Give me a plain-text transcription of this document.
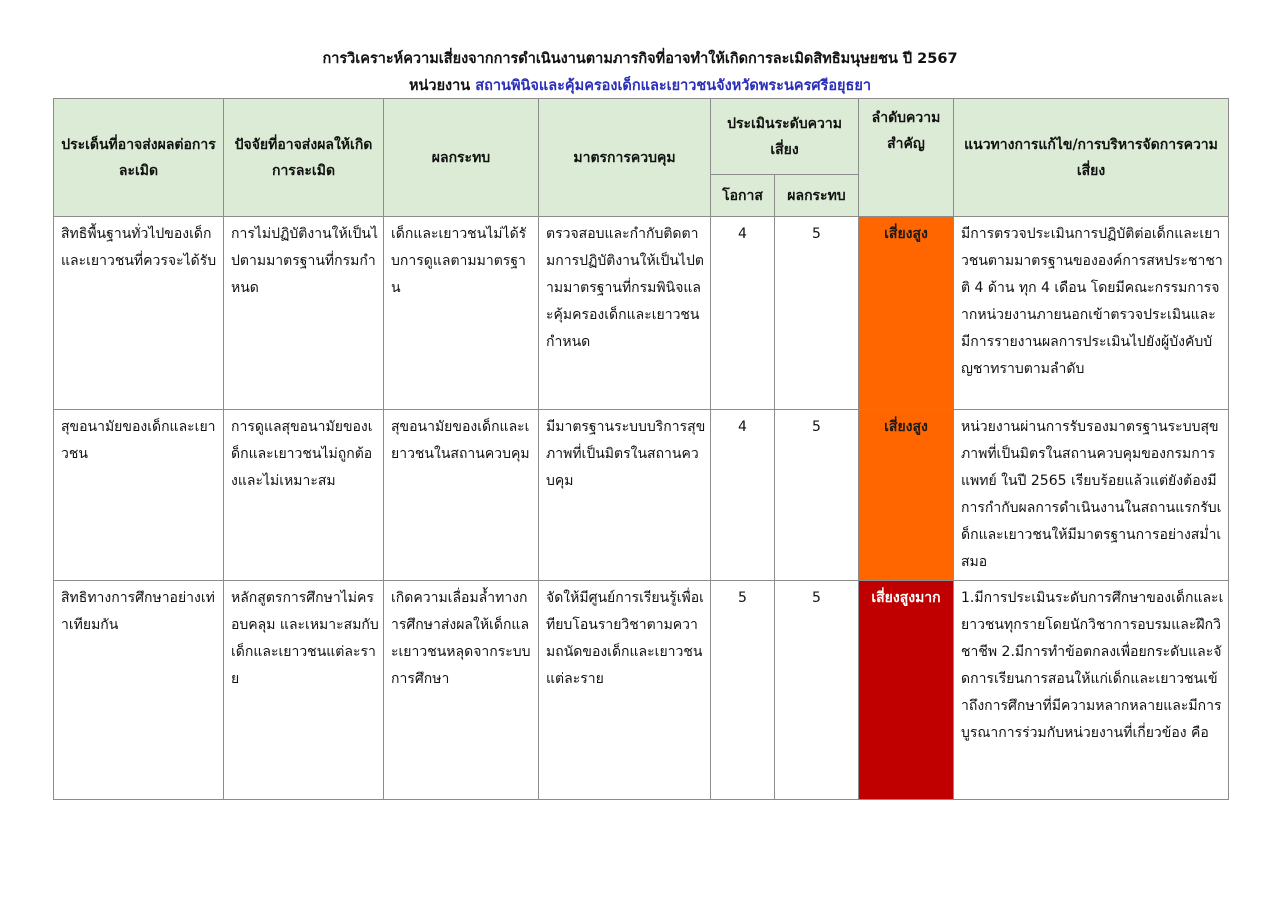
การวิเคราะห์ความเสี่ยงจากการดำเนินงานตามภารกิจที่อาจทำให้เกิดการละเมิดสิทธิมนุษยชน ปี 2567
หน่วยงาน สถานพินิจและคุ้มครองเด็กและเยาวชนจังหวัดพระนครศรีอยุธยา
ประเด็นที่อาจส่งผลต่อการละเมิด	ปัจจัยที่อาจส่งผลให้เกิดการละเมิด	ผลกระทบ	มาตรการควบคุม	ประเมินระดับความเสี่ยง		ลำดับความสำคัญ	แนวทางการแก้ไข/การบริหารจัดการความเสี่ยง

				โอกาส	ผลกระทบ		
สิทธิพื้นฐานทั่วไปของเด็กและเยาวชนที่ควรจะได้รับ	การไม่ปฏิบัติงานให้เป็นไปตามมาตรฐานที่กรมกำหนด	เด็กและเยาวชนไม่ได้รับการดูแลตามมาตรฐาน	ตรวจสอบและกำกับติดตามการปฏิบัติงานให้เป็นไปตามมาตรฐานที่กรมพินิจและคุ้มครองเด็กและเยาวชนกำหนด	4	5	เสี่ยงสูง	มีการตรวจประเมินการปฏิบัติต่อเด็กและเยาวชนตามมาตรฐานขององค์การสหประชาชาติ 4 ด้าน ทุก 4 เดือน โดยมีคณะกรรมการจากหน่วยงานภายนอกเข้าตรวจประเมินและมีการรายงานผลการประเมินไปยังผู้บังคับบัญชาทราบตามลำดับ
สุขอนามัยของเด็กและเยาวชน	การดูแลสุขอนามัยของเด็กและเยาวชนไม่ถูกต้องและไม่เหมาะสม	สุขอนามัยของเด็กและเยาวชนในสถานควบคุม	มีมาตรฐานระบบบริการสุขภาพที่เป็นมิตรในสถานควบคุม	4	5	เสี่ยงสูง	หน่วยงานผ่านการรับรองมาตรฐานระบบสุขภาพที่เป็นมิตรในสถานควบคุมของกรมการแพทย์ ในปี 2565 เรียบร้อยแล้วแต่ยังต้องมีการกำกับผลการดำเนินงานในสถานแรกรับเด็กและเยาวชนให้มีมาตรฐานการอย่างสม่ำเสมอ
สิทธิทางการศึกษาอย่างเท่าเทียมกัน	หลักสูตรการศึกษาไม่ครอบคลุม และเหมาะสมกับเด็กและเยาวชนแต่ละราย	เกิดความเลื่อมล้ำทางการศึกษาส่งผลให้เด็กและเยาวชนหลุดจากระบบการศึกษา	จัดให้มีศูนย์การเรียนรู้เพื่อเทียบโอนรายวิชาตามความถนัดของเด็กและเยาวชนแต่ละราย	5	5	เสี่ยงสูงมาก	1.มีการประเมินระดับการศึกษาของเด็กและเยาวชนทุกรายโดยนักวิชาการอบรมและฝึกวิชาชีพ 2.มีการทำข้อตกลงเพื่อยกระดับและจัดการเรียนการสอนให้แก่เด็กและเยาวชนเข้าถึงการศึกษาที่มีความหลากหลายและมีการบูรณาการร่วมกับหน่วยงานที่เกี่ยวข้อง คือ
